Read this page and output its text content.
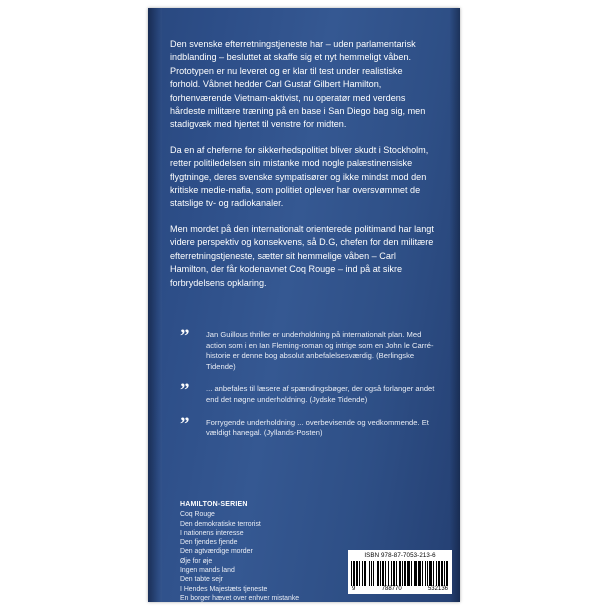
Den svenske efterretningstjeneste har – uden parlamentarisk indblanding – besluttet at skaffe sig et nyt hemmeligt våben. Prototypen er nu leveret og er klar til test under realistiske forhold. Våbnet hedder Carl Gustaf Gilbert Hamilton, forhenværende Vietnam-aktivist, nu operatør med verdens hårdeste militære træning på en base i San Diego bag sig, men stadigvæk med hjertet til venstre for midten.

Da en af cheferne for sikkerhedspolitiet bliver skudt i Stockholm, retter politiledelsen sin mistanke mod nogle palæstinensiske flygtninge, deres svenske sympatisører og ikke mindst mod den kritiske medie-mafia, som politiet oplever har oversvømmet de statslige tv- og radiokanaler.

Men mordet på den internationalt orienterede politimand har langt videre perspektiv og konsekvens, så D.G, chefen for den militære efterretningstjeneste, sætter sit hemmelige våben – Carl Hamilton, der får kodenavnet Coq Rouge – ind på at sikre forbrydelsens opklaring.

” Jan Guillous thriller er underholdning på internationalt plan. Med action som i en Ian Fleming-roman og intrige som en John le Carré-historie er denne bog absolut anbefalelsesværdig. (Berlingske Tidende)
” ... anbefales til læsere af spændingsbøger, der også forlanger andet end det nøgne underholdning. (Jydske Tidende)
” Forrygende underholdning ... overbevisende og vedkommende. Et vældigt hanegal. (Jyllands-Posten)
HAMILTON-SERIEN
Coq Rouge
Den demokratiske terrorist
I nationens interesse
Den fjendes fjende
Den agtværdige morder
Øje for øje
Ingen mands land
Den tabte sejr
I Hendes Majestæts tjeneste
En borger hævet over enhver mistanke
ISBN 978-87-7053-213-6
9	788770	532136
